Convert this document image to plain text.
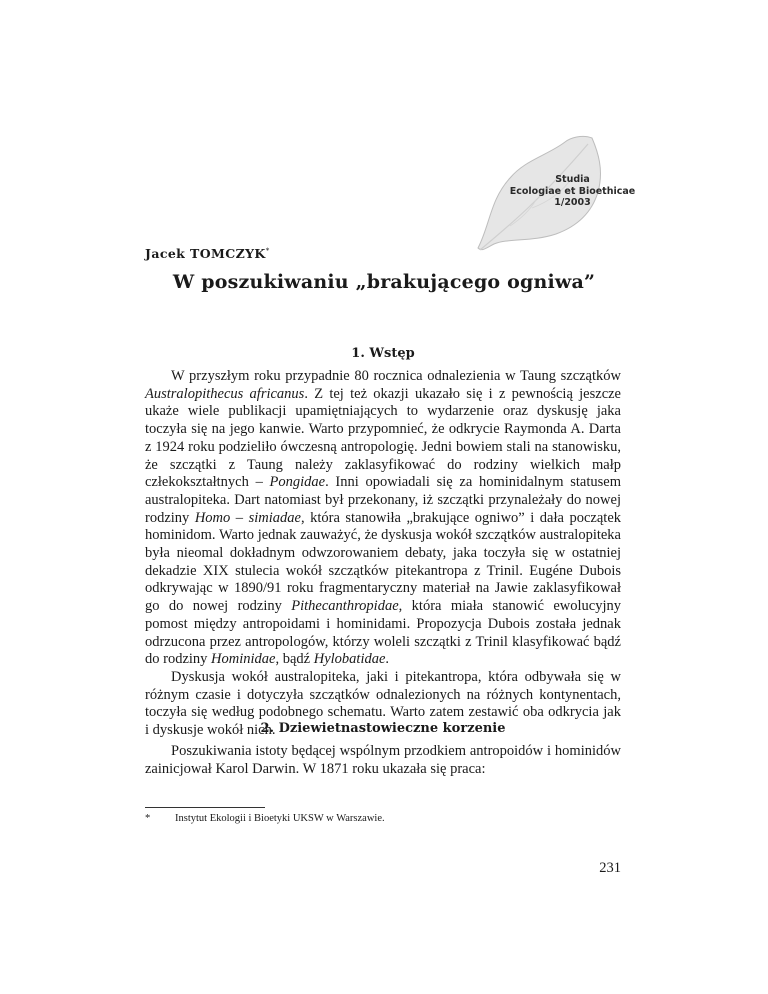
Studia
Ecologiae et Bioethicae
1/2003
Jacek TOMCZYK*
W poszukiwaniu „brakującego ogniwa”
1. Wstęp

W przyszłym roku przypadnie 80 rocznica odnalezienia w Taung szczątków Australopithecus africanus. Z tej też okazji ukazało się i z pewnością jeszcze ukaże wiele publikacji upamiętniających to wydarzenie oraz dyskusję jaka toczyła się na jego kanwie. Warto przypomnieć, że odkrycie Raymonda A. Darta z 1924 roku podzieliło ówczesną antropologię. Jedni bowiem stali na stanowisku, że szczątki z Taung należy zaklasyfikować do rodziny wielkich małp człekokształtnych – Pongidae. Inni opowiadali się za hominidalnym statusem australopiteka. Dart natomiast był przekonany, iż szczątki przynależały do nowej rodziny Homo – simiadae, która stanowiła „brakujące ogniwo” i dała początek hominidom. Warto jednak zauważyć, że dyskusja wokół szczątków australopiteka była nieomal dokładnym odwzorowaniem debaty, jaka toczyła się w ostatniej dekadzie XIX stulecia wokół szczątków pitekantropa z Trinil. Eugéne Dubois odkrywając w 1890/91 roku fragmentaryczny materiał na Jawie zaklasyfikował go do nowej rodziny Pithecanthropidae, która miała stanowić ewolucyjny pomost między antropoidami i hominidami. Propozycja Dubois została jednak odrzucona przez antropologów, którzy woleli szczątki z Trinil klasyfikować bądź do rodziny Hominidae, bądź Hylobatidae.

Dyskusja wokół australopiteka, jaki i pitekantropa, która odbywała się w różnym czasie i dotyczyła szczątków odnalezionych na różnych kontynentach, toczyła się według podobnego schematu. Warto zatem zestawić oba odkrycia jak i dyskusje wokół nich.

2. Dziewietnastowieczne korzenie

Poszukiwania istoty będącej wspólnym przodkiem antropoidów i hominidów zainicjował Karol Darwin. W 1871 roku ukazała się praca:

* Instytut Ekologii i Bioetyki UKSW w Warszawie.
231
